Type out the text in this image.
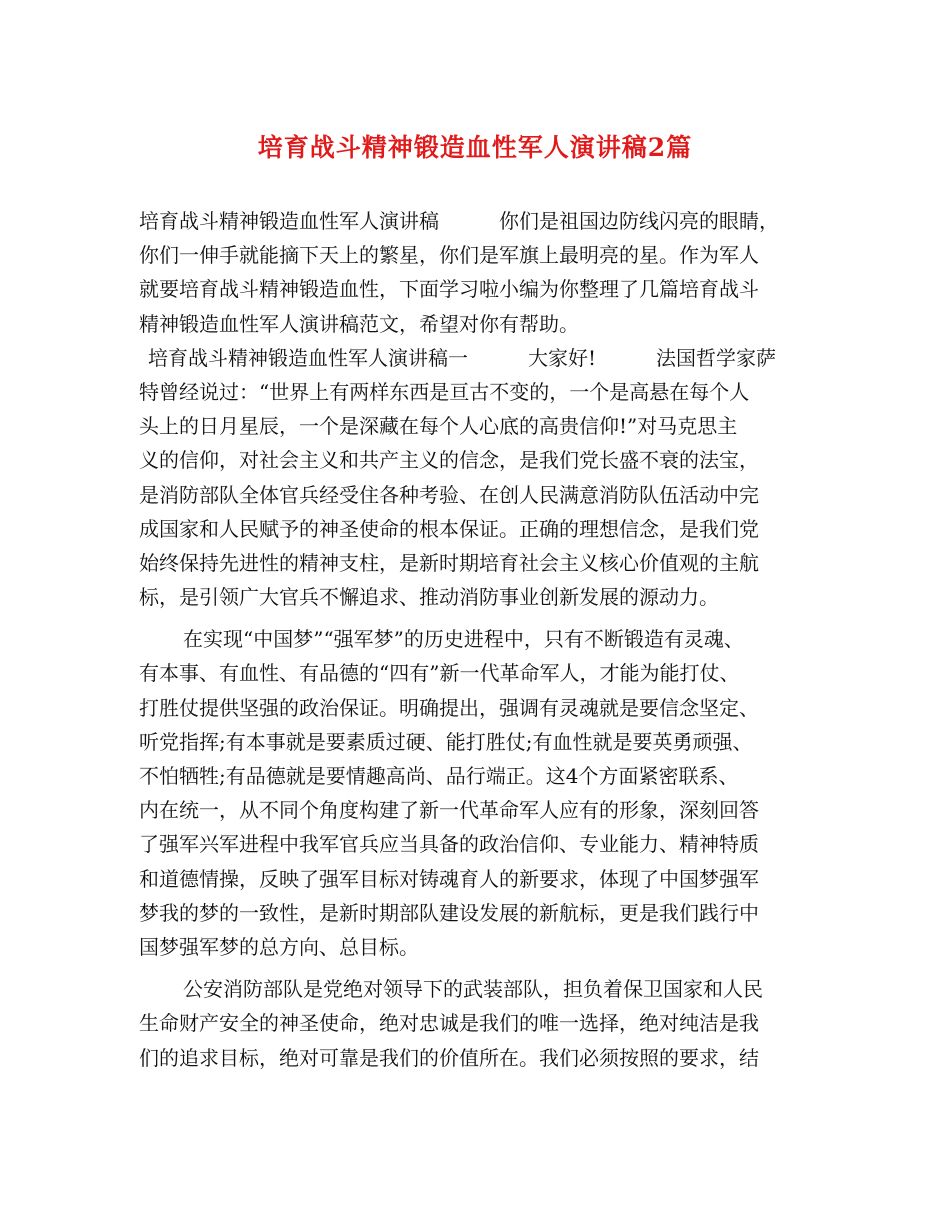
培育战斗精神锻造血性军人演讲稿2篇
培育战斗精神锻造血性军人演讲稿　　　你们是祖国边防线闪亮的眼睛，
你们一伸手就能摘下天上的繁星，你们是军旗上最明亮的星。作为军人
就要培育战斗精神锻造血性，下面学习啦小编为你整理了几篇培育战斗
精神锻造血性军人演讲稿范文，希望对你有帮助。
培育战斗精神锻造血性军人演讲稿一　　　大家好!　　　法国哲学家萨
特曾经说过：“世界上有两样东西是亘古不变的，一个是高悬在每个人
头上的日月星辰，一个是深藏在每个人心底的高贵信仰!”对马克思主
义的信仰，对社会主义和共产主义的信念，是我们党长盛不衰的法宝，
是消防部队全体官兵经受住各种考验、在创人民满意消防队伍活动中完
成国家和人民赋予的神圣使命的根本保证。正确的理想信念，是我们党
始终保持先进性的精神支柱，是新时期培育社会主义核心价值观的主航
标，是引领广大官兵不懈追求、推动消防事业创新发展的源动力。
在实现“中国梦”“强军梦”的历史进程中，只有不断锻造有灵魂、
有本事、有血性、有品德的“四有”新一代革命军人，才能为能打仗、
打胜仗提供坚强的政治保证。明确提出，强调有灵魂就是要信念坚定、
听党指挥;有本事就是要素质过硬、能打胜仗;有血性就是要英勇顽强、
不怕牺牲;有品德就是要情趣高尚、品行端正。这4个方面紧密联系、
内在统一，从不同个角度构建了新一代革命军人应有的形象，深刻回答
了强军兴军进程中我军官兵应当具备的政治信仰、专业能力、精神特质
和道德情操，反映了强军目标对铸魂育人的新要求，体现了中国梦强军
梦我的梦的一致性，是新时期部队建设发展的新航标，更是我们践行中
国梦强军梦的总方向、总目标。
公安消防部队是党绝对领导下的武装部队，担负着保卫国家和人民
生命财产安全的神圣使命，绝对忠诚是我们的唯一选择，绝对纯洁是我
们的追求目标，绝对可靠是我们的价值所在。我们必须按照的要求，结
